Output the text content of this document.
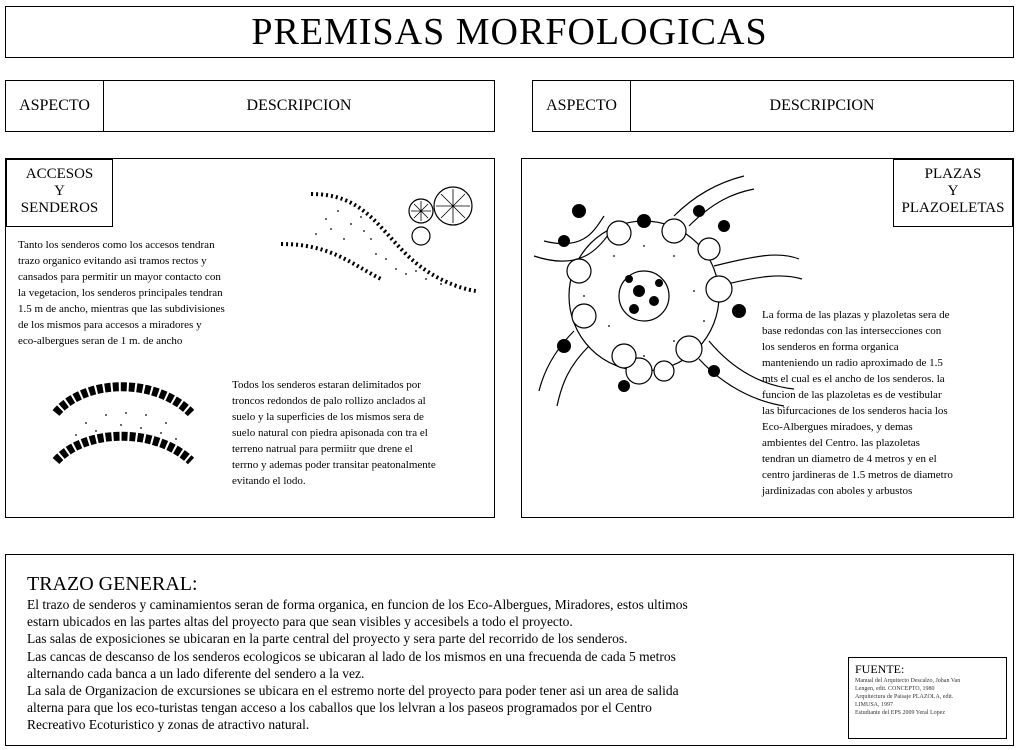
PREMISAS MORFOLOGICAS
ASPECTO	DESCRIPCION	ASPECTO	DESCRIPCION
ACCESOS
Y
SENDEROS
Tanto los senderos como los accesos tendran
trazo organico evitando asi tramos rectos y
cansados para permitir un mayor contacto con
la vegetacion, los senderos principales tendran
1.5 m de ancho, mientras que las subdivisiones
de los mismos para accesos a miradores y
eco-albergues seran de 1 m. de ancho
Todos los senderos estaran delimitados por
troncos redondos de palo rollizo anclados al
suelo y la superficies de los mismos sera de
suelo natural con piedra apisonada con tra el
terreno natrual para permiitr que drene el
terrno y ademas poder transitar peatonalmente
evitando el lodo.
PLAZAS
Y
PLAZOELETAS
La forma de las plazas y plazoletas sera de
base redondas con las intersecciones con
los senderos en forma organica
manteniendo un radio aproximado de 1.5
mts el cual es el ancho de los senderos. la
funcion de las plazoletas es de vestibular
las bifurcaciones de los senderos hacia los
Eco-Albergues miradoes, y demas
ambientes del Centro. las plazoletas
tendran un diametro de 4 metros y en el
centro jardineras de 1.5 metros de diametro
jardinizadas con aboles y arbustos
TRAZO GENERAL:
El trazo de senderos y caminamientos seran de forma organica, en funcion de los Eco-Albergues, Miradores, estos ultimos
estarn ubicados en las partes altas del proyecto para que sean visibles y accesibels a todo el proyecto.
Las salas de exposiciones se ubicaran en la parte central del proyecto y sera parte del recorrido de los senderos.
Las cancas de descanso de los senderos ecologicos se ubicaran al lado de los mismos en una frecuenda de cada 5 metros
alternando cada banca a un lado diferente del sendero a la vez.
La sala de Organizacion de excursiones se ubicara en el estremo norte del proyecto para poder tener asi un area de salida
alterna para que los eco-turistas tengan acceso a los caballos que los lelvran a los paseos programados por el Centro
Recreativo Ecoturistico y zonas de atractivo natural.
FUENTE:
Manual del Arquitecto Descalzo, Johan Van
Lengen, edit. CONCEPTO, 1980
Arquitectura de Paisaje PLAZOLA, edit.
LIMUSA, 1997
Estudiante del EPS 2009 Yeral Lopez
